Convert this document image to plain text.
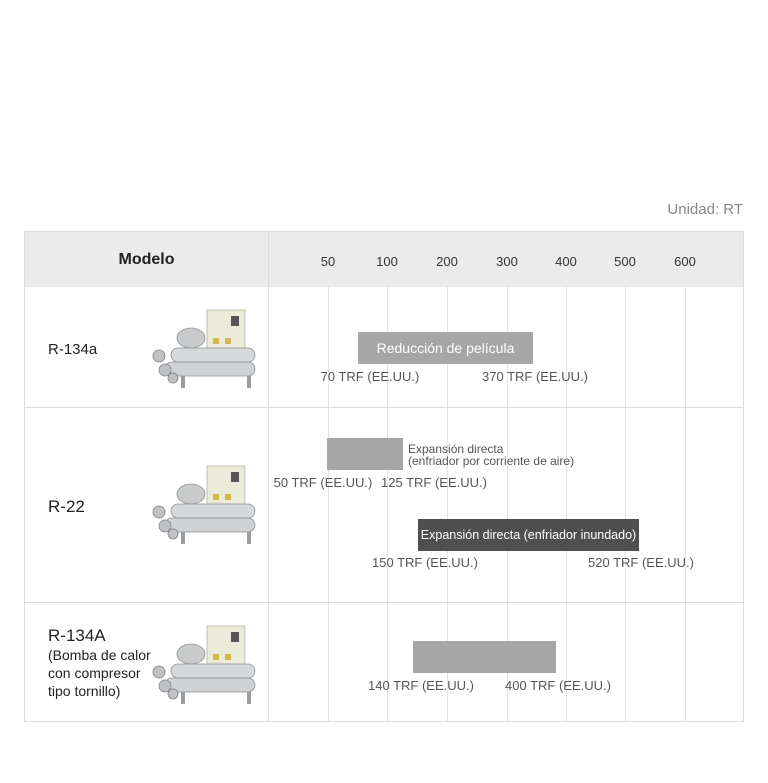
Unidad: RT
Modelo	50	100	200	300	400	500	600
R-134a	Reducción de película
70 TRF (EE.UU.)	370 TRF (EE.UU.)
R-22
Expansión directa
(enfriador por corriente de aire)
50 TRF (EE.UU.) 125 TRF (EE.UU.)
Expansión directa (enfriador inundado)
150 TRF (EE.UU.)	520 TRF (EE.UU.)
R-134A
(Bomba de calor
con compresor
tipo tornillo)	140 TRF (EE.UU.) 400 TRF (EE.UU.)
